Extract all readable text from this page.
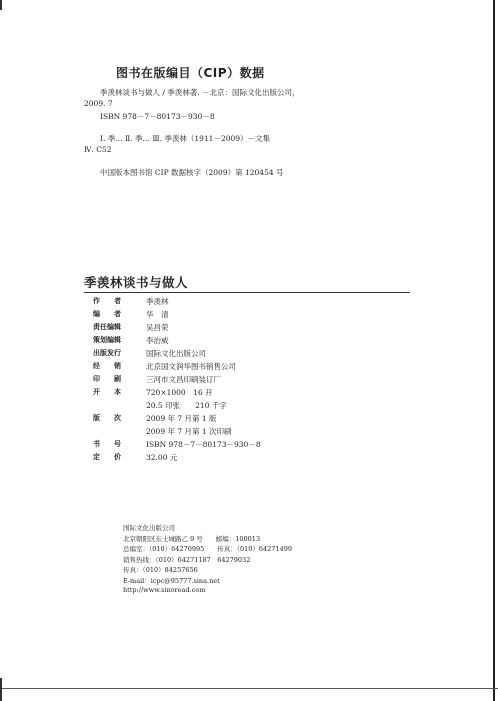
图书在版编目（CIP）数据
季羡林谈书与做人 / 季羡林著. －北京：国际文化出版公司，
2009. 7
ISBN 978－7－80173－930－8
Ⅰ. 季… Ⅱ. 季… Ⅲ. 季羡林（1911－2009）－文集
Ⅳ. C52
中国版本图书馆 CIP 数据核字（2009）第 120454 号
季羡林谈书与做人
作　　者	季羡林
编　　者	华　清
责任编辑	吴昌荣
策划编辑	李治威
出版发行	国际文化出版公司
经　　销	北京国文润华图书销售公司
印　　刷	三河市文昌印刷装订厂
开　　本	720×1000　16 开
20.5 印张　　210 千字
版　　次	2009 年 7 月第 1 版
2009 年 7 月第 1 次印刷
书　　号	ISBN 978－7－80173－930－8
定　　价	32.00 元
国际文化出版公司
北京朝阳区东土城路乙 9 号　　邮编：100013
总编室：（010）64270995　　传真：（010）64271499
销售热线：（010）64271187　64279032
传真：（010）84257656
E-mail：icpc@95777.sina.net
http://www.sinoread.com
